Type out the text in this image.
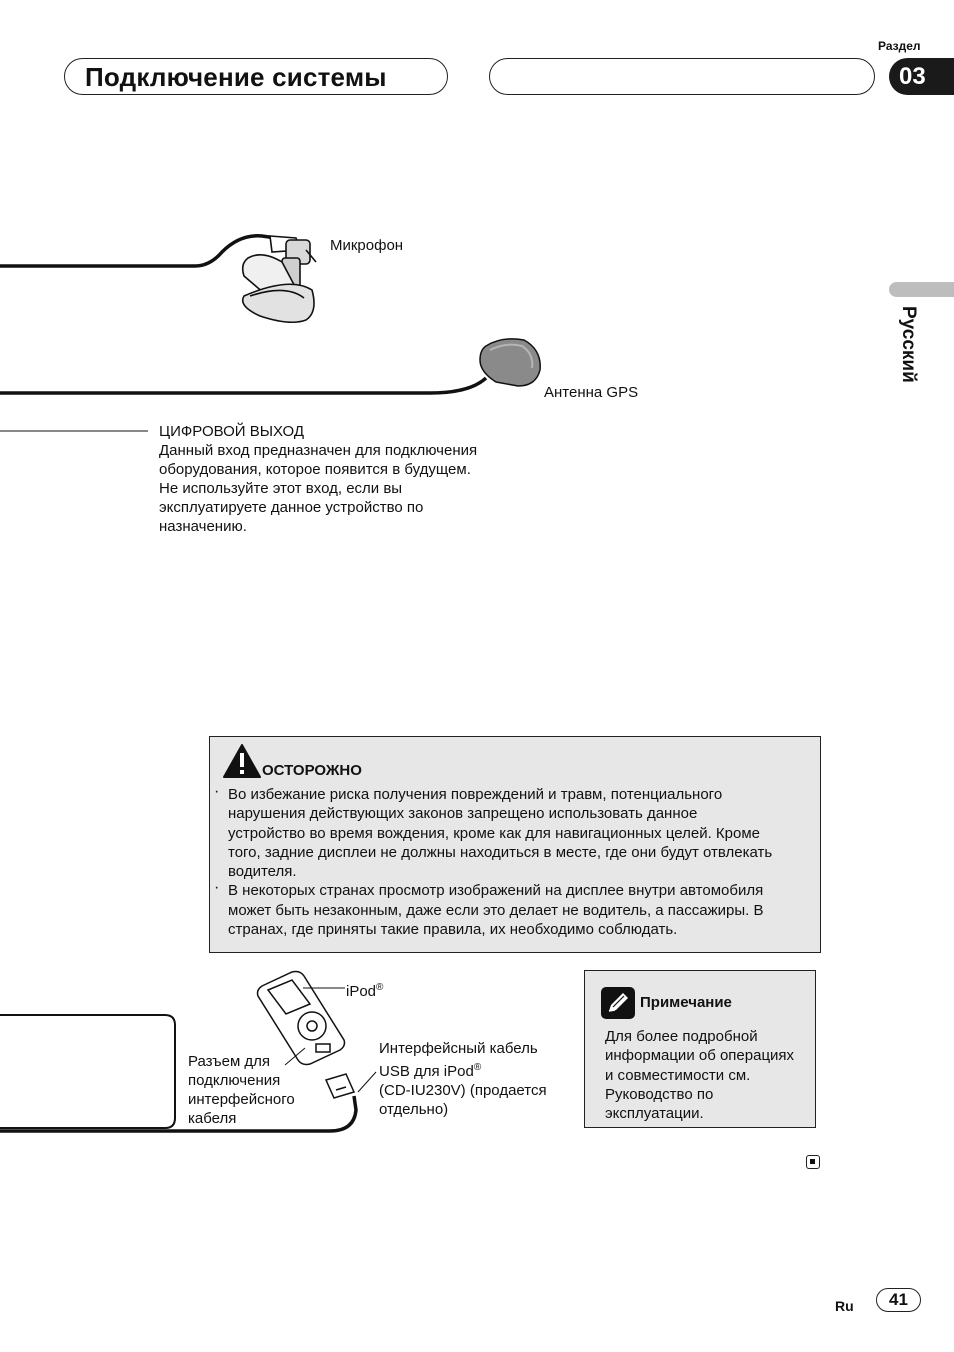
Подключение системы
Раздел
03
Русский
Микрофон
Антенна GPS
ЦИФРОВОЙ ВЫХОД
Данный вход предназначен для подключения
оборудования, которое появится в будущем.
Не используйте этот вход, если вы
эксплуатируете данное устройство по
назначению.
ОСТОРОЖНО
· Во избежание риска получения повреждений и травм, потенциального
нарушения действующих законов запрещено использовать данное
устройство во время вождения, кроме как для навигационных целей. Кроме
того, задние дисплеи не должны находиться в месте, где они будут отвлекать
водителя.
· В некоторых странах просмотр изображений на дисплее внутри автомобиля
может быть незаконным, даже если это делает не водитель, а пассажиры. В
странах, где приняты такие правила, их необходимо соблюдать.
iPod®
Разъем для
подключения
интерфейсного
кабеля
Интерфейсный кабель
USB для iPod®
(CD-IU230V) (продается
отдельно)
Примечание
Для более подробной
информации об операциях
и совместимости см.
Руководство по
эксплуатации.
Ru	41
